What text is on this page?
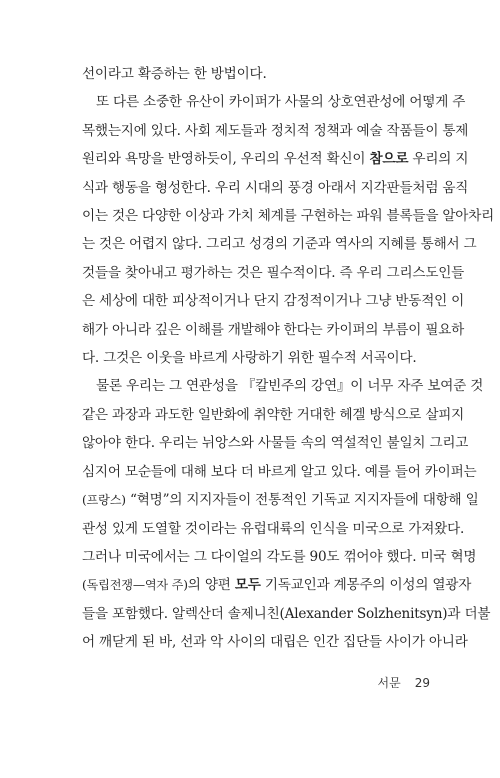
선이라고 확증하는 한 방법이다.
또 다른 소중한 유산이 카이퍼가 사물의 상호연관성에 어떻게 주
목했는지에 있다. 사회 제도들과 정치적 정책과 예술 작품들이 통제
원리와 욕망을 반영하듯이, 우리의 우선적 확신이 참으로 우리의 지
식과 행동을 형성한다. 우리 시대의 풍경 아래서 지각판들처럼 움직
이는 것은 다양한 이상과 가치 체계를 구현하는 파워 블록들을 알아차리
는 것은 어렵지 않다. 그리고 성경의 기준과 역사의 지혜를 통해서 그
것들을 찾아내고 평가하는 것은 필수적이다. 즉 우리 그리스도인들
은 세상에 대한 피상적이거나 단지 감정적이거나 그냥 반동적인 이
해가 아니라 깊은 이해를 개발해야 한다는 카이퍼의 부름이 필요하
다. 그것은 이웃을 바르게 사랑하기 위한 필수적 서곡이다.
물론 우리는 그 연관성을 『칼빈주의 강연』이 너무 자주 보여준 것
같은 과장과 과도한 일반화에 취약한 거대한 헤겔 방식으로 살피지
않아야 한다. 우리는 뉘앙스와 사물들 속의 역설적인 불일치 그리고
심지어 모순들에 대해 보다 더 바르게 알고 있다. 예를 들어 카이퍼는
(프랑스) “혁명”의 지지자들이 전통적인 기독교 지지자들에 대항해 일
관성 있게 도열할 것이라는 유럽대륙의 인식을 미국으로 가져왔다.
그러나 미국에서는 그 다이얼의 각도를 90도 꺾어야 했다. 미국 혁명
(독립전쟁—역자 주)의 양편 모두 기독교인과 계몽주의 이성의 열광자
들을 포함했다. 알렉산더 솔제니친(Alexander Solzhenitsyn)과 더불
어 깨닫게 된 바, 선과 악 사이의 대립은 인간 집단들 사이가 아니라
서문 29
